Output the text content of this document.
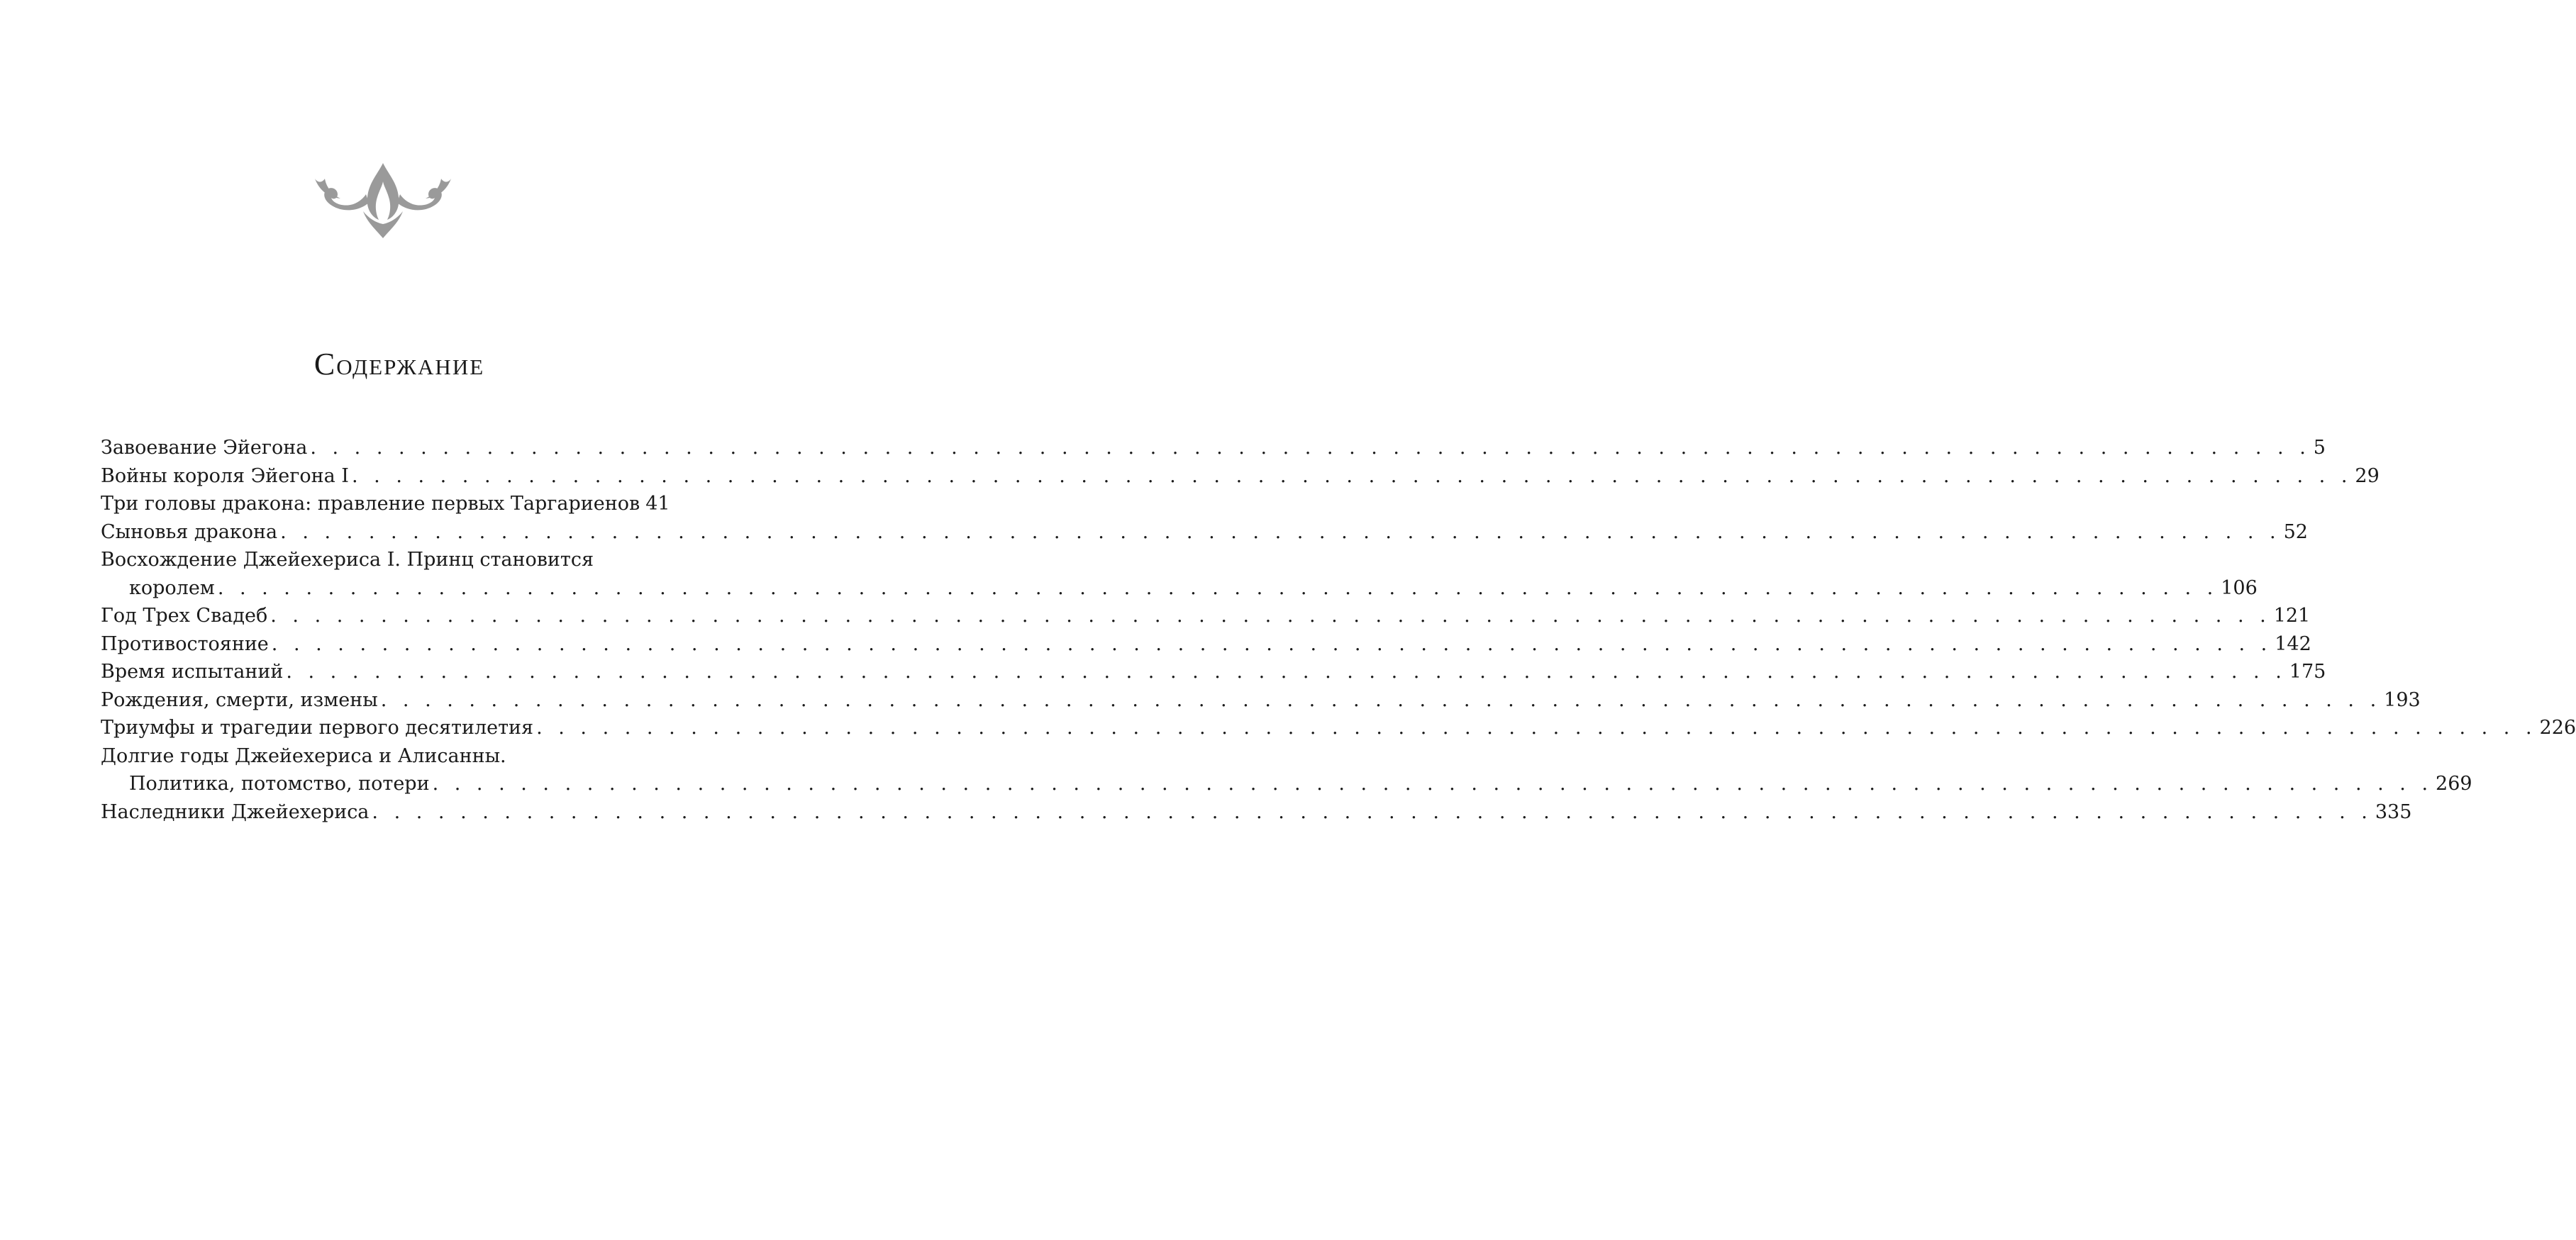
Содержание
Завоевание Эйегона . . .	5
Войны короля Эйегона I . . .	29
Три головы дракона: правление первых Таргариенов 41
Сыновья дракона . . .	52
Восхождение Джейехериса I. Принц становится
королем . . .	106
Год Трех Свадеб . . .	121
Противостояние . . .	142
Время испытаний . . .	175
Рождения, смерти, измены . . .	193
Триумфы и трагедии первого десятилетия . . .	226
Долгие годы Джейехериса и Алисанны.
Политика, потомство, потери . . .	269
Наследники Джейехериса . . .	335
